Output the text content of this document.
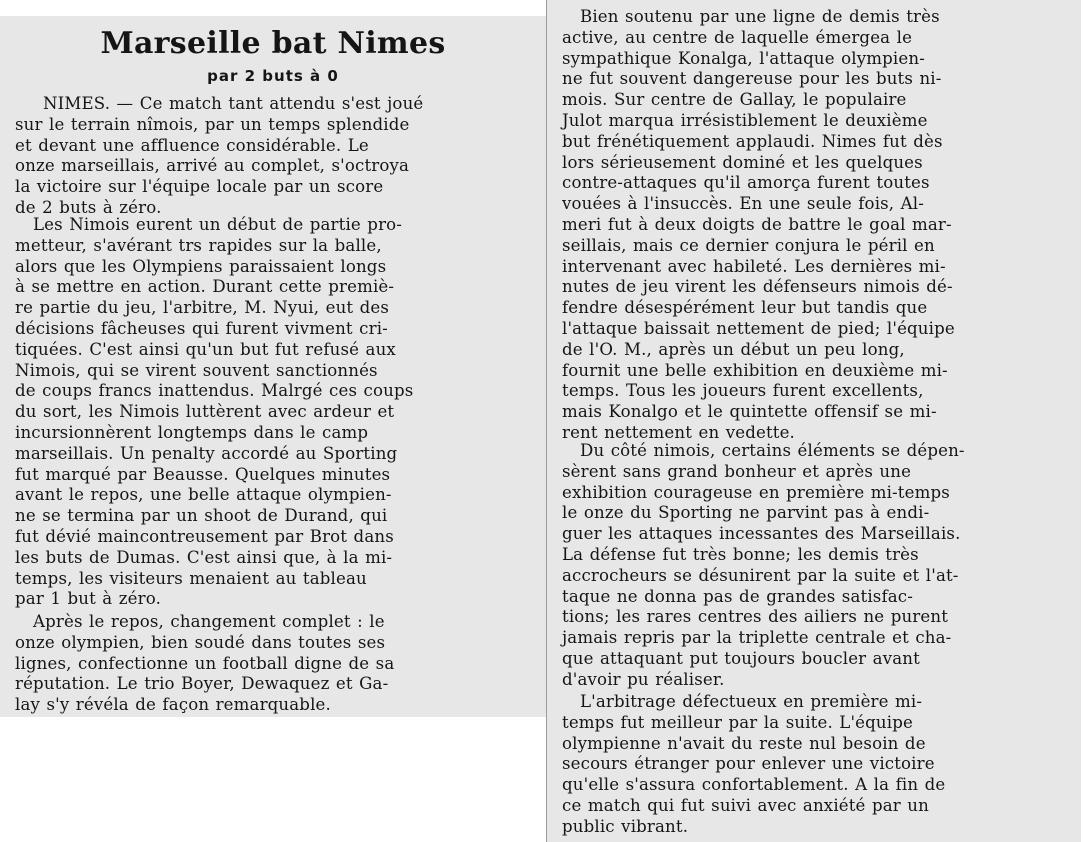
Marseille bat Nimes
par 2 buts à 0
NIMES. — Ce match tant attendu s'est joué
sur le terrain nîmois, par un temps splendide
et devant une affluence considérable. Le
onze marseillais, arrivé au complet, s'octroya
la victoire sur l'équipe locale par un score
de 2 buts à zéro.
Les Nimois eurent un début de partie pro-
metteur, s'avérant trs rapides sur la balle,
alors que les Olympiens paraissaient longs
à se mettre en action. Durant cette premiè-
re partie du jeu, l'arbitre, M. Nyui, eut des
décisions fâcheuses qui furent vivment cri-
tiquées. C'est ainsi qu'un but fut refusé aux
Nimois, qui se virent souvent sanctionnés
de coups francs inattendus. Malrgé ces coups
du sort, les Nimois luttèrent avec ardeur et
incursionnèrent longtemps dans le camp
marseillais. Un penalty accordé au Sporting
fut marqué par Beausse. Quelques minutes
avant le repos, une belle attaque olympien-
ne se termina par un shoot de Durand, qui
fut dévié maincontreusement par Brot dans
les buts de Dumas. C'est ainsi que, à la mi-
temps, les visiteurs menaient au tableau
par 1 but à zéro.
Après le repos, changement complet : le
onze olympien, bien soudé dans toutes ses
lignes, confectionne un football digne de sa
réputation. Le trio Boyer, Dewaquez et Ga-
lay s'y révéla de façon remarquable.
Bien soutenu par une ligne de demis très
active, au centre de laquelle émergea le
sympathique Konalga, l'attaque olympien-
ne fut souvent dangereuse pour les buts ni-
mois. Sur centre de Gallay, le populaire
Julot marqua irrésistiblement le deuxième
but frénétiquement applaudi. Nimes fut dès
lors sérieusement dominé et les quelques
contre-attaques qu'il amorça furent toutes
vouées à l'insuccès. En une seule fois, Al-
meri fut à deux doigts de battre le goal mar-
seillais, mais ce dernier conjura le péril en
intervenant avec habileté. Les dernières mi-
nutes de jeu virent les défenseurs nimois dé-
fendre désespérément leur but tandis que
l'attaque baissait nettement de pied; l'équipe
de l'O. M., après un début un peu long,
fournit une belle exhibition en deuxième mi-
temps. Tous les joueurs furent excellents,
mais Konalgo et le quintette offensif se mi-
rent nettement en vedette.
Du côté nimois, certains éléments se dépen-
sèrent sans grand bonheur et après une
exhibition courageuse en première mi-temps
le onze du Sporting ne parvint pas à endi-
guer les attaques incessantes des Marseillais.
La défense fut très bonne; les demis très
accrocheurs se désunirent par la suite et l'at-
taque ne donna pas de grandes satisfac-
tions; les rares centres des ailiers ne purent
jamais repris par la triplette centrale et cha-
que attaquant put toujours boucler avant
d'avoir pu réaliser.
L'arbitrage défectueux en première mi-
temps fut meilleur par la suite. L'équipe
olympienne n'avait du reste nul besoin de
secours étranger pour enlever une victoire
qu'elle s'assura confortablement. A la fin de
ce match qui fut suivi avec anxiété par un
public vibrant.
